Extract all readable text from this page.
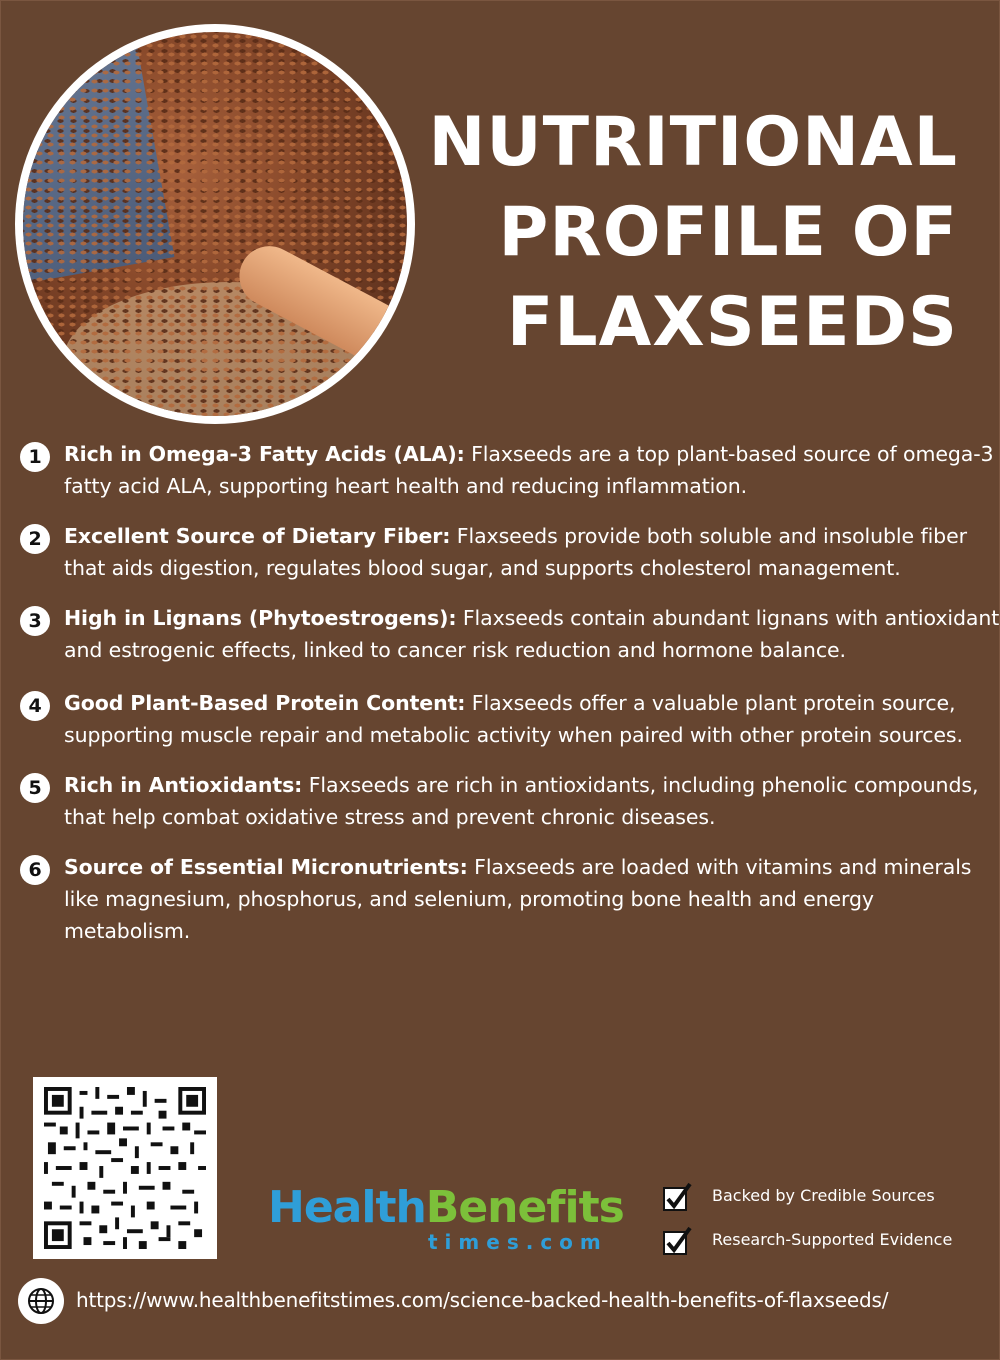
NUTRITIONAL
PROFILE OF
FLAXSEEDS
1	Rich in Omega-3 Fatty Acids (ALA): Flaxseeds are a top plant-based source of omega-3 fatty acid ALA, supporting heart health and reducing inflammation.
2	Excellent Source of Dietary Fiber: Flaxseeds provide both soluble and insoluble fiber that aids digestion, regulates blood sugar, and supports cholesterol management.
3	High in Lignans (Phytoestrogens): Flaxseeds contain abundant lignans with antioxidant and estrogenic effects, linked to cancer risk reduction and hormone balance.
4	Good Plant-Based Protein Content: Flaxseeds offer a valuable plant protein source, supporting muscle repair and metabolic activity when paired with other protein sources.
5	Rich in Antioxidants: Flaxseeds are rich in antioxidants, including phenolic compounds, that help combat oxidative stress and prevent chronic diseases.
6	Source of Essential Micronutrients: Flaxseeds are loaded with vitamins and minerals like magnesium, phosphorus, and selenium, promoting bone health and energy metabolism.
HealthBenefits
times.com
Backed by Credible Sources
Research-Supported Evidence
https://www.healthbenefitstimes.com/science-backed-health-benefits-of-flaxseeds/
